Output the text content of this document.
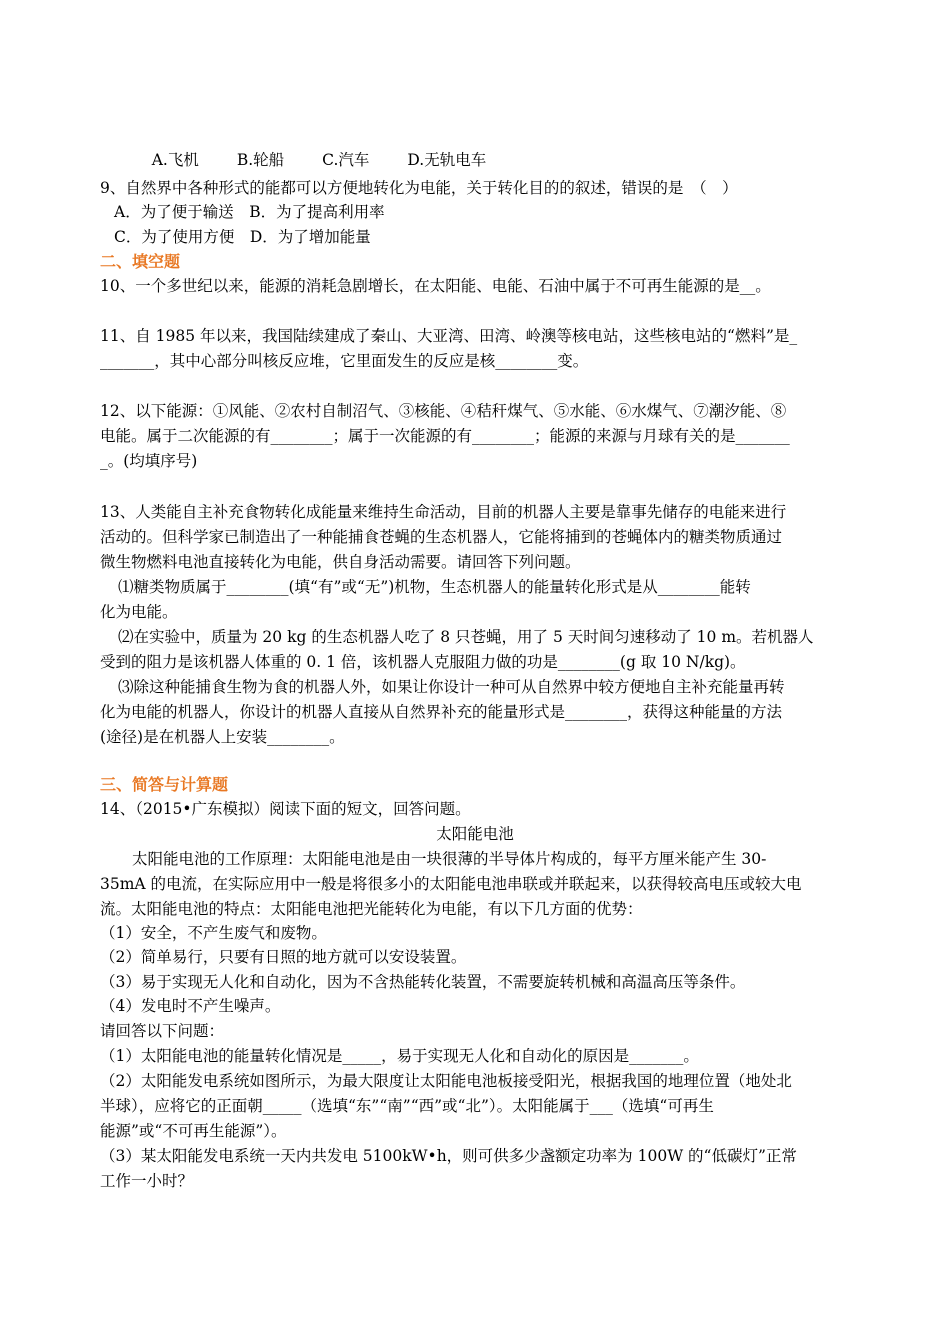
A.飞机 B.轮船 C.汽车 D.无轨电车

9、自然界中各种形式的能都可以方便地转化为电能，关于转化目的的叙述，错误的是　（　）
A．为了便于输送　B．为了提高利用率
C．为了使用方便　D．为了增加能量
二、填空题
10、一个多世纪以来，能源的消耗急剧增长，在太阳能、电能、石油中属于不可再生能源的是__。
11、自 1985 年以来，我国陆续建成了秦山、大亚湾、田湾、岭澳等核电站，这些核电站的“燃料”是_
_______，其中心部分叫核反应堆，它里面发生的反应是核________变。
12、以下能源：①风能、②农村自制沼气、③核能、④秸秆煤气、⑤水能、⑥水煤气、⑦潮汐能、⑧
电能。属于二次能源的有________；属于一次能源的有________；能源的来源与月球有关的是_______
_。(均填序号)
13、人类能自主补充食物转化成能量来维持生命活动，目前的机器人主要是靠事先储存的电能来进行
活动的。但科学家已制造出了一种能捕食苍蝇的生态机器人，它能将捕到的苍蝇体内的糖类物质通过
微生物燃料电池直接转化为电能，供自身活动需要。请回答下列问题。
⑴糖类物质属于________(填“有”或“无”)机物，生态机器人的能量转化形式是从________能转
化为电能。
⑵在实验中，质量为 20 kg 的生态机器人吃了 8 只苍蝇，用了 5 天时间匀速移动了 10 m。若机器人
受到的阻力是该机器人体重的 0. 1 倍，该机器人克服阻力做的功是________(g 取 10 N/kg)。
⑶除这种能捕食生物为食的机器人外，如果让你设计一种可从自然界中较方便地自主补充能量再转
化为电能的机器人，你设计的机器人直接从自然界补充的能量形式是________，获得这种能量的方法
(途径)是在机器人上安装________。
三、简答与计算题
14、（2015•广东模拟）阅读下面的短文，回答问题。
太阳能电池
太阳能电池的工作原理：太阳能电池是由一块很薄的半导体片构成的，每平方厘米能产生 30-
35mA 的电流，在实际应用中一般是将很多小的太阳能电池串联或并联起来，以获得较高电压或较大电
流。太阳能电池的特点：太阳能电池把光能转化为电能，有以下几方面的优势：
（1）安全，不产生废气和废物。
（2）简单易行，只要有日照的地方就可以安设装置。
（3）易于实现无人化和自动化，因为不含热能转化装置，不需要旋转机械和高温高压等条件。
（4）发电时不产生噪声。
请回答以下问题：
（1）太阳能电池的能量转化情况是_____，易于实现无人化和自动化的原因是_______。
（2）太阳能发电系统如图所示，为最大限度让太阳能电池板接受阳光，根据我国的地理位置（地处北
半球），应将它的正面朝_____（选填“东”“南”“西”或“北”）。太阳能属于___（选填“可再生
能源”或“不可再生能源”）。
（3）某太阳能发电系统一天内共发电 5100kW•h，则可供多少盏额定功率为 100W 的“低碳灯”正常
工作一小时？
